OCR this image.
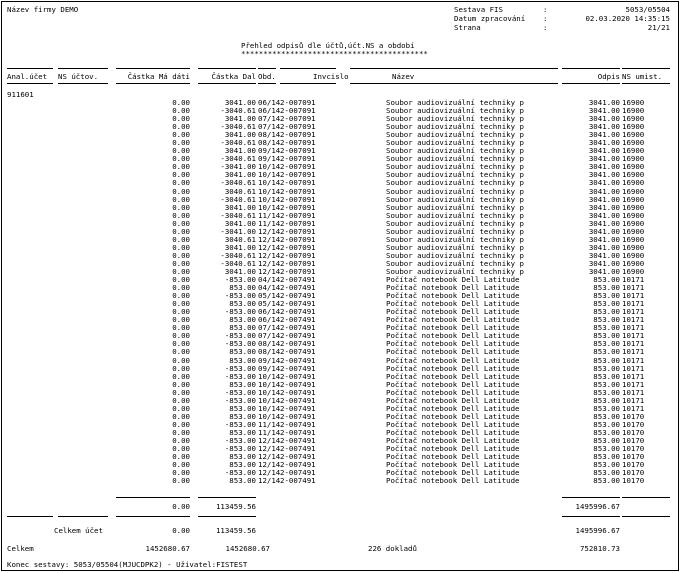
Název firmy DEMO	Sestava FIS	:	5053/05504
Datum zpracování :	02.03.2020 14:35:15
Strana	:	21/21
Přehled odpisů dle účtů,účt.NS a období
******************************************
Anal.účet NS účtov.	Částka Má dáti	Částka Dal Obd.	Invcislo	Název	Odpis NS umist.
911601
0.00	3041.00 06/14 2-007091	Soubor audiovizuální techniky p	3041.00 16900
0.00	-3040.61 06/14 2-007091	Soubor audiovizuální techniky p	3041.00 16900
0.00	3041.00 07/14 2-007091	Soubor audiovizuální techniky p	3041.00 16900
0.00	-3040.61 07/14 2-007091	Soubor audiovizuální techniky p	3041.00 16900
0.00	3041.00 08/14 2-007091	Soubor audiovizuální techniky p	3041.00 16900
0.00	-3040.61 08/14 2-007091	Soubor audiovizuální techniky p	3041.00 16900
0.00	3041.00 09/14 2-007091	Soubor audiovizuální techniky p	3041.00 16900
0.00	-3040.61 09/14 2-007091	Soubor audiovizuální techniky p	3041.00 16900
0.00	-3041.00 10/14 2-007091	Soubor audiovizuální techniky p	3041.00 16900
0.00	3041.00 10/14 2-007091	Soubor audiovizuální techniky p	3041.00 16900
0.00	-3040.61 10/14 2-007091	Soubor audiovizuální techniky p	3041.00 16900
0.00	3040.61 10/14 2-007091	Soubor audiovizuální techniky p	3041.00 16900
0.00	-3040.61 10/14 2-007091	Soubor audiovizuální techniky p	3041.00 16900
0.00	3041.00 10/14 2-007091	Soubor audiovizuální techniky p	3041.00 16900
0.00	-3040.61 11/14 2-007091	Soubor audiovizuální techniky p	3041.00 16900
0.00	3041.00 11/14 2-007091	Soubor audiovizuální techniky p	3041.00 16900
0.00	-3041.00 12/14 2-007091	Soubor audiovizuální techniky p	3041.00 16900
0.00	3040.61 12/14 2-007091	Soubor audiovizuální techniky p	3041.00 16900
0.00	3041.00 12/14 2-007091	Soubor audiovizuální techniky p	3041.00 16900
0.00	-3040.61 12/14 2-007091	Soubor audiovizuální techniky p	3041.00 16900
0.00	-3040.61 12/14 2-007091	Soubor audiovizuální techniky p	3041.00 16900
0.00	3041.00 12/14 2-007091	Soubor audiovizuální techniky p	3041.00 16900
0.00	-853.00 04/14 2-007491	Počítač notebook Dell Latitude	853.00 10171
0.00	853.00 04/14 2-007491	Počítač notebook Dell Latitude	853.00 10171
0.00	-853.00 05/14 2-007491	Počítač notebook Dell Latitude	853.00 10171
0.00	853.00 05/14 2-007491	Počítač notebook Dell Latitude	853.00 10171
0.00	-853.00 06/14 2-007491	Počítač notebook Dell Latitude	853.00 10171
0.00	853.00 06/14 2-007491	Počítač notebook Dell Latitude	853.00 10171
0.00	853.00 07/14 2-007491	Počítač notebook Dell Latitude	853.00 10171
0.00	-853.00 07/14 2-007491	Počítač notebook Dell Latitude	853.00 10171
0.00	-853.00 08/14 2-007491	Počítač notebook Dell Latitude	853.00 10171
0.00	853.00 08/14 2-007491	Počítač notebook Dell Latitude	853.00 10171
0.00	853.00 09/14 2-007491	Počítač notebook Dell Latitude	853.00 10171
0.00	-853.00 09/14 2-007491	Počítač notebook Dell Latitude	853.00 10171
0.00	-853.00 10/14 2-007491	Počítač notebook Dell Latitude	853.00 10171
0.00	853.00 10/14 2-007491	Počítač notebook Dell Latitude	853.00 10171
0.00	-853.00 10/14 2-007491	Počítač notebook Dell Latitude	853.00 10171
0.00	-853.00 10/14 2-007491	Počítač notebook Dell Latitude	853.00 10171
0.00	853.00 10/14 2-007491	Počítač notebook Dell Latitude	853.00 10171
0.00	853.00 10/14 2-007491	Počítač notebook Dell Latitude	853.00 10170
0.00	-853.00 11/14 2-007491	Počítač notebook Dell Latitude	853.00 10170
0.00	853.00 11/14 2-007491	Počítač notebook Dell Latitude	853.00 10170
0.00	-853.00 12/14 2-007491	Počítač notebook Dell Latitude	853.00 10170
0.00	-853.00 12/14 2-007491	Počítač notebook Dell Latitude	853.00 10170
0.00	853.00 12/14 2-007491	Počítač notebook Dell Latitude	853.00 10170
0.00	853.00 12/14 2-007491	Počítač notebook Dell Latitude	853.00 10170
0.00	-853.00 12/14 2-007491	Počítač notebook Dell Latitude	853.00 10170
0.00	853.00 12/14 2-007491	Počítač notebook Dell Latitude	853.00 10170
0.00	113459.56	1495996.67
Celkem účet	0.00	113459.56	1495996.67
Celkem	1452680.67	1452680.67	226 dokladů	752810.73
Konec sestavy: 5053/05504(MJUCDPK2) - Uživatel:FISTEST
